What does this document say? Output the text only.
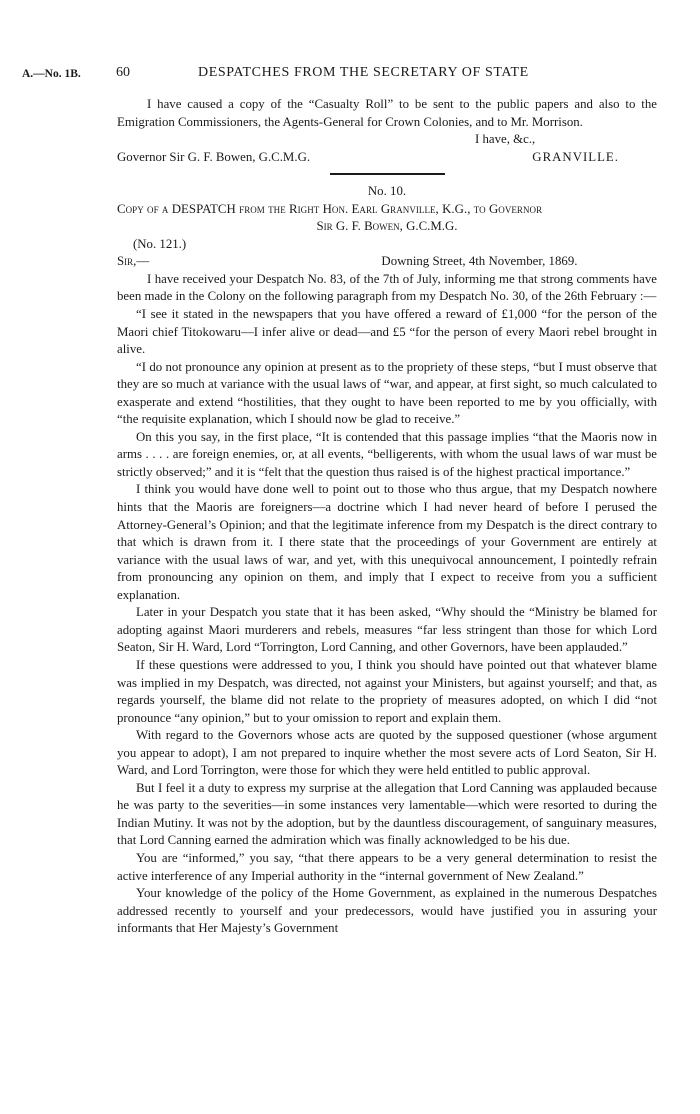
A.—No. 1B.	60	DESPATCHES FROM THE SECRETARY OF STATE

I have caused a copy of the “Casualty Roll” to be sent to the public papers and also to the Emigration Commissioners, the Agents-General for Crown Colonies, and to Mr. Morrison.

I have, &c.,

Governor Sir G. F. Bowen, G.C.M.G.	GRANVILLE.

No. 10.

Copy of a DESPATCH from the Right Hon. Earl Granville, K.G., to Governor

Sir G. F. Bowen, G.C.M.G.

(No. 121.)

Sir,—	Downing Street, 4th November, 1869.

I have received your Despatch No. 83, of the 7th of July, informing me that strong comments have been made in the Colony on the following paragraph from my Despatch No. 30, of the 26th February :—

“I see it stated in the newspapers that you have offered a reward of £1,000 “for the person of the Maori chief Titokowaru—I infer alive or dead—and £5 “for the person of every Maori rebel brought in alive.

“I do not pronounce any opinion at present as to the propriety of these steps, “but I must observe that they are so much at variance with the usual laws of “war, and appear, at first sight, so much calculated to exasperate and extend “hostilities, that they ought to have been reported to me by you officially, with “the requisite explanation, which I should now be glad to receive.”

On this you say, in the first place, “It is contended that this passage implies “that the Maoris now in arms . . . . are foreign enemies, or, at all events, “belligerents, with whom the usual laws of war must be strictly observed;” and it is “felt that the question thus raised is of the highest practical importance.”

I think you would have done well to point out to those who thus argue, that my Despatch nowhere hints that the Maoris are foreigners—a doctrine which I had never heard of before I perused the Attorney-General’s Opinion; and that the legitimate inference from my Despatch is the direct contrary to that which is drawn from it. I there state that the proceedings of your Government are entirely at variance with the usual laws of war, and yet, with this unequivocal announcement, I pointedly refrain from pronouncing any opinion on them, and imply that I expect to receive from you a sufficient explanation.

Later in your Despatch you state that it has been asked, “Why should the “Ministry be blamed for adopting against Maori murderers and rebels, measures “far less stringent than those for which Lord Seaton, Sir H. Ward, Lord “Torrington, Lord Canning, and other Governors, have been applauded.”

If these questions were addressed to you, I think you should have pointed out that whatever blame was implied in my Despatch, was directed, not against your Ministers, but against yourself; and that, as regards yourself, the blame did not relate to the propriety of measures adopted, on which I did “not pronounce “any opinion,” but to your omission to report and explain them.

With regard to the Governors whose acts are quoted by the supposed questioner (whose argument you appear to adopt), I am not prepared to inquire whether the most severe acts of Lord Seaton, Sir H. Ward, and Lord Torrington, were those for which they were held entitled to public approval.

But I feel it a duty to express my surprise at the allegation that Lord Canning was applauded because he was party to the severities—in some instances very lamentable—which were resorted to during the Indian Mutiny. It was not by the adoption, but by the dauntless discouragement, of sanguinary measures, that Lord Canning earned the admiration which was finally acknowledged to be his due.

You are “informed,” you say, “that there appears to be a very general determination to resist the active interference of any Imperial authority in the “internal government of New Zealand.”

Your knowledge of the policy of the Home Government, as explained in the numerous Despatches addressed recently to yourself and your predecessors, would have justified you in assuring your informants that Her Majesty’s Government
